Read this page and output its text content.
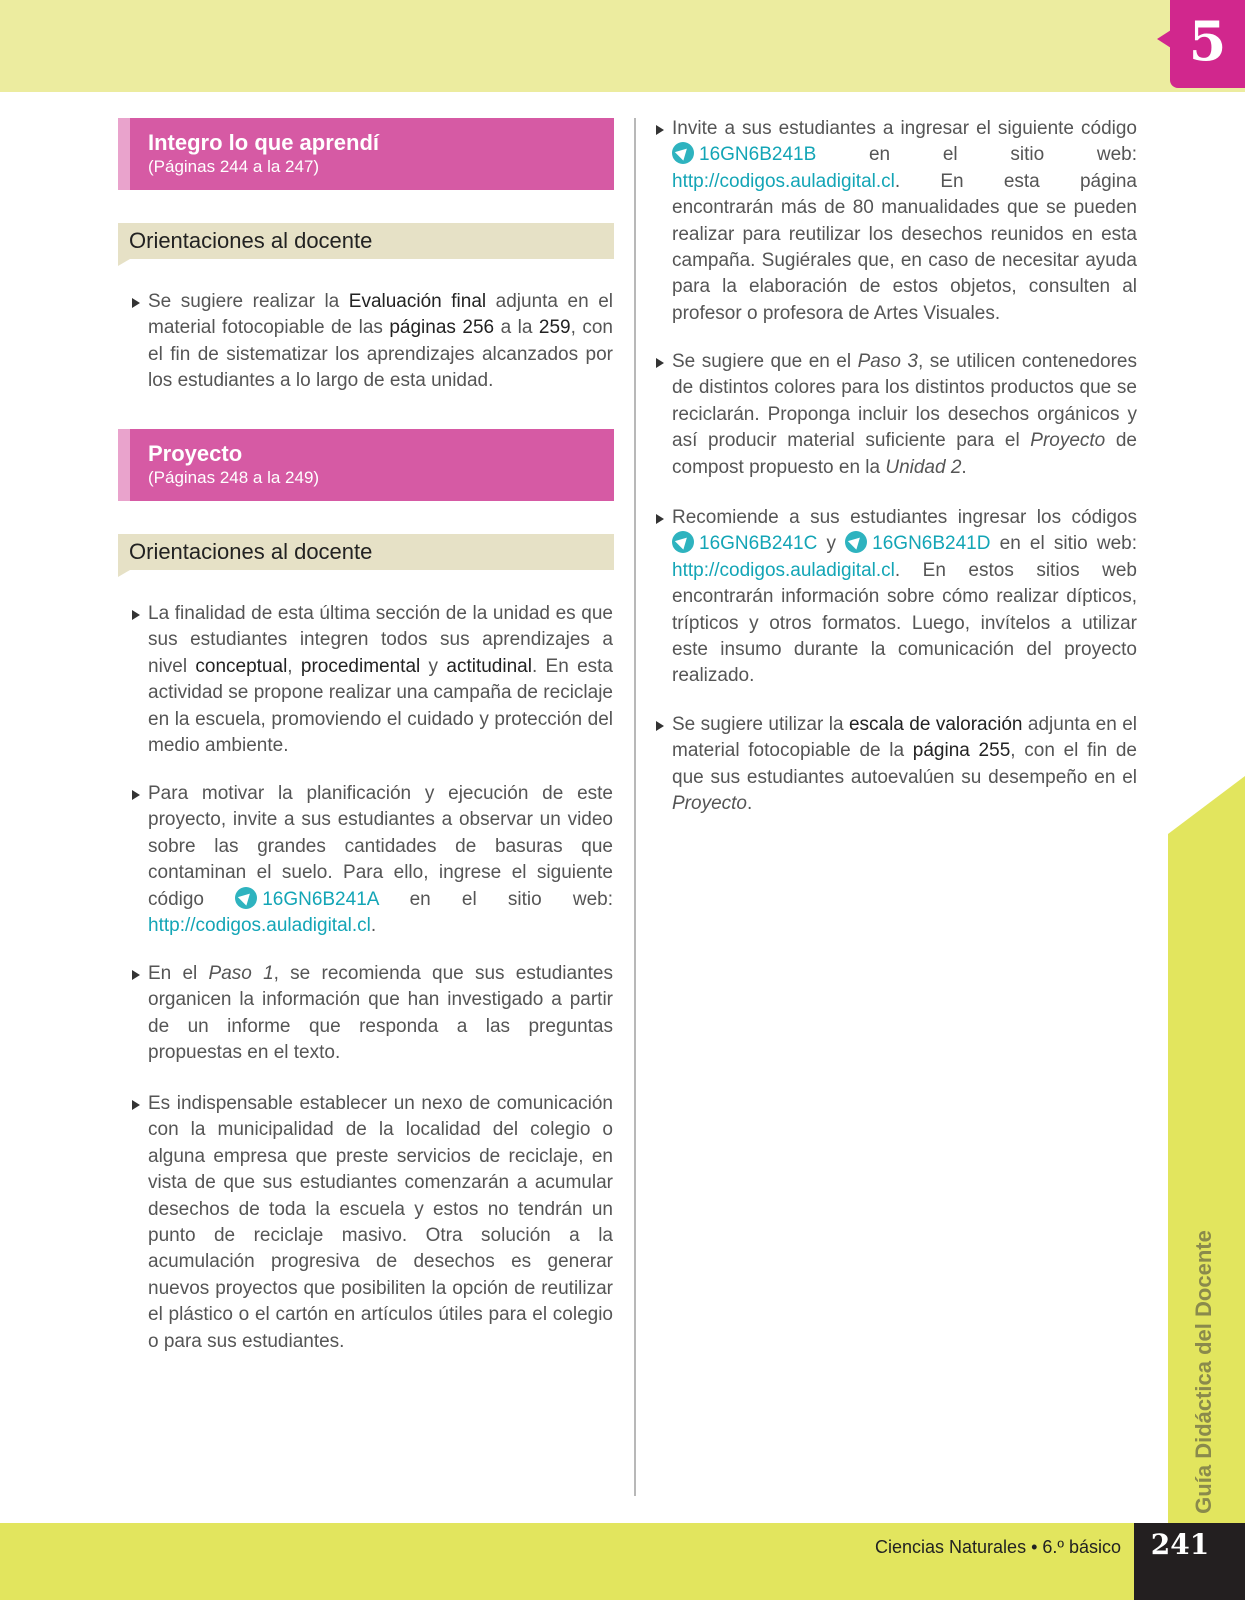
5
Guía Didáctica del Docente
Ciencias Naturales • 6.º básico	241
Integro lo que aprendí
(Páginas 244 a la 247)
Orientaciones al docente
Se sugiere realizar la Evaluación final adjunta en el material fotocopiable de las páginas 256 a la 259, con el fin de sistematizar los aprendizajes alcanzados por los estudiantes a lo largo de esta unidad.
Proyecto
(Páginas 248 a la 249)
Orientaciones al docente
La finalidad de esta última sección de la unidad es que sus estudiantes integren todos sus aprendizajes a nivel conceptual, procedimental y actitudinal. En esta actividad se propone realizar una campaña de reciclaje en la escuela, promoviendo el cuidado y protección del medio ambiente.
Para motivar la planificación y ejecución de este proyecto, invite a sus estudiantes a observar un video sobre las grandes cantidades de basuras que contaminan el suelo. Para ello, ingrese el siguiente código 16GN6B241A en el sitio web: http://codigos.auladigital.cl.
En el Paso 1, se recomienda que sus estudiantes organicen la información que han investigado a partir de un informe que responda a las preguntas propuestas en el texto.
Es indispensable establecer un nexo de comunicación con la municipalidad de la localidad del colegio o alguna empresa que preste servicios de reciclaje, en vista de que sus estudiantes comenzarán a acumular desechos de toda la escuela y estos no tendrán un punto de reciclaje masivo. Otra solución a la acumulación progresiva de desechos es generar nuevos proyectos que posibiliten la opción de reutilizar el plástico o el cartón en artículos útiles para el colegio o para sus estudiantes.
Invite a sus estudiantes a ingresar el siguiente código 16GN6B241B en el sitio web: http://codigos.auladigital.cl. En esta página encontrarán más de 80 manualidades que se pueden realizar para reutilizar los desechos reunidos en esta campaña. Sugiérales que, en caso de necesitar ayuda para la elaboración de estos objetos, consulten al profesor o profesora de Artes Visuales.
Se sugiere que en el Paso 3, se utilicen contenedores de distintos colores para los distintos productos que se reciclarán. Proponga incluir los desechos orgánicos y así producir material suficiente para el Proyecto de compost propuesto en la Unidad 2.
Recomiende a sus estudiantes ingresar los códigos 16GN6B241C y 16GN6B241D en el sitio web: http://codigos.auladigital.cl. En estos sitios web encontrarán información sobre cómo realizar dípticos, trípticos y otros formatos. Luego, invítelos a utilizar este insumo durante la comunicación del proyecto realizado.
Se sugiere utilizar la escala de valoración adjunta en el material fotocopiable de la página 255, con el fin de que sus estudiantes autoevalúen su desempeño en el Proyecto.
